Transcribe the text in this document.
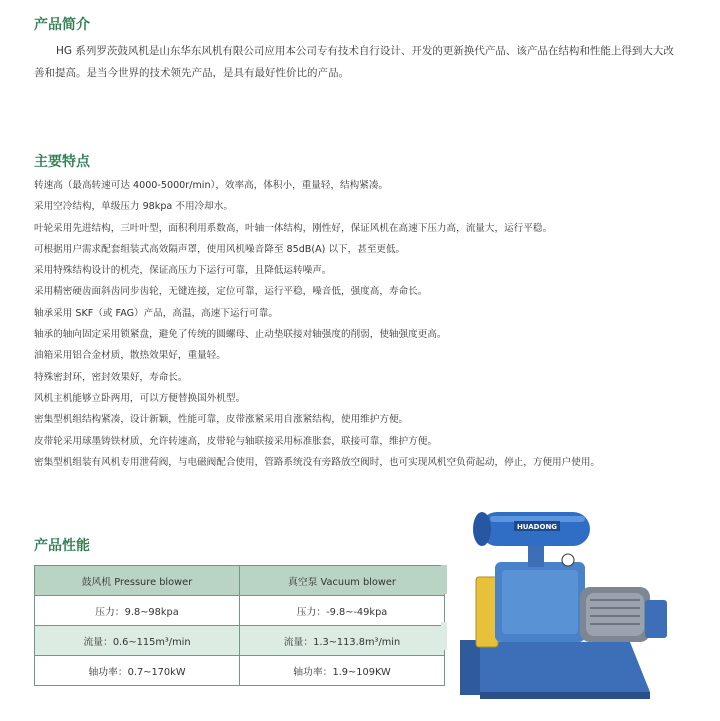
产品简介

HG 系列罗茨鼓风机是山东华东风机有限公司应用本公司专有技术自行设计、开发的更新换代产品、该产品在结构和性能上得到大大改善和提高。是当今世界的技术领先产品，是具有最好性价比的产品。

主要特点
转速高（最高转速可达 4000-5000r/min），效率高，体积小，重量轻，结构紧凑。
采用空冷结构，单级压力 98kpa 不用冷却水。
叶轮采用先进结构，三叶叶型，面积利用系数高，叶轴一体结构，刚性好，保证风机在高速下压力高，流量大，运行平稳。
可根据用户需求配套组装式高效隔声罩，使用风机噪音降至 85dB(A) 以下，甚至更低。
采用特殊结构设计的机壳，保证高压力下运行可靠，且降低运转噪声。
采用精密硬齿面斜齿同步齿轮，无键连接，定位可靠，运行平稳，噪音低，强度高，寿命长。
轴承采用 SKF（或 FAG）产品，高温，高速下运行可靠。
轴承的轴向固定采用锁紧盘，避免了传统的圆螺母、止动垫联接对轴强度的削弱，使轴强度更高。
油箱采用铝合金材质，散热效果好，重量轻。
特殊密封环，密封效果好，寿命长。
风机主机能够立卧两用，可以方便替换国外机型。
密集型机组结构紧凑，设计新颖，性能可靠，皮带涨紧采用自涨紧结构，使用维护方便。
皮带轮采用球墨铸铁材质，允许转速高，皮带轮与轴联接采用标准胀套，联接可靠，维护方便。
密集型机组装有风机专用泄荷阀，与电磁阀配合使用，管路系统没有旁路放空阀时，也可实现风机空负荷起动，停止，方便用户使用。
产品性能
鼓风机 Pressure blower	真空泵 Vacuum blower
压力：9.8~98kpa	压力：-9.8~-49kpa
流量：0.6~115m³/min	流量：1.3~113.8m³/min
轴功率：0.7~170kW	轴功率：1.9~109KW
HUADONG
